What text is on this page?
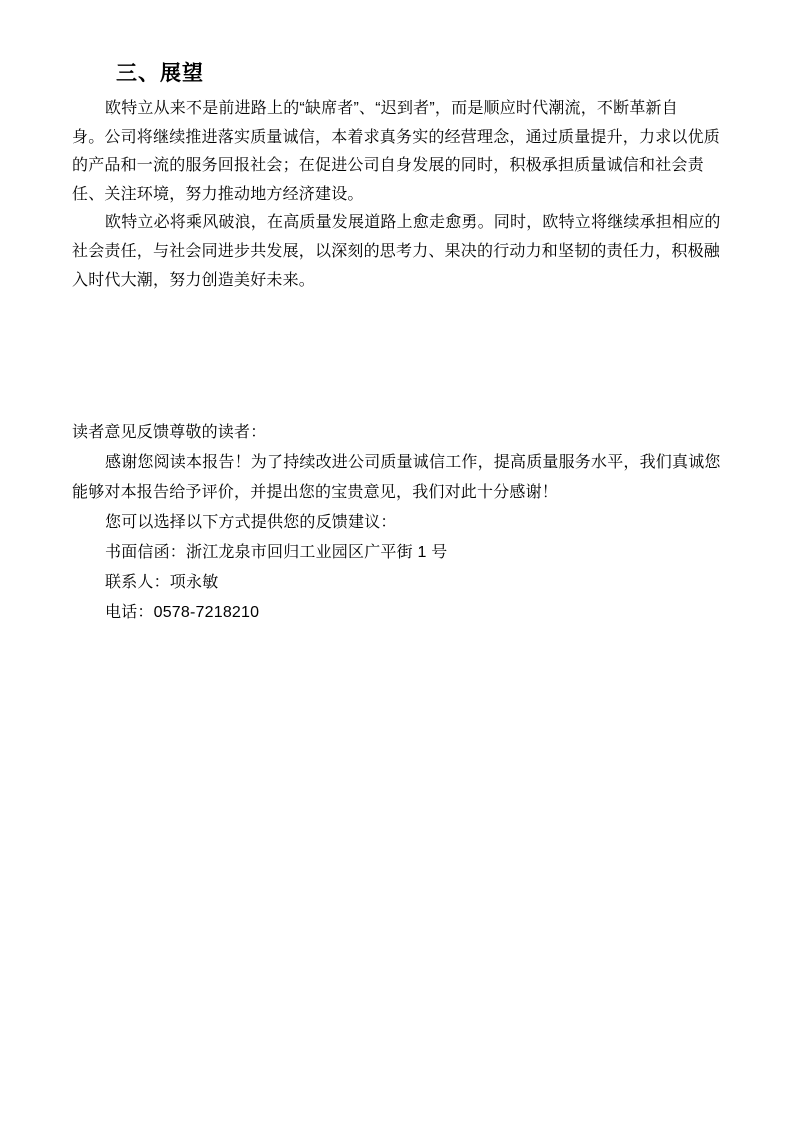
三、展望
欧特立从来不是前进路上的“缺席者”、“迟到者”，而是顺应时代潮流，不断革新自
身。公司将继续推进落实质量诚信，本着求真务实的经营理念，通过质量提升，力求以优质
的产品和一流的服务回报社会；在促进公司自身发展的同时，积极承担质量诚信和社会责
任、关注环境，努力推动地方经济建设。
欧特立必将乘风破浪，在高质量发展道路上愈走愈勇。同时，欧特立将继续承担相应的
社会责任，与社会同进步共发展，以深刻的思考力、果决的行动力和坚韧的责任力，积极融
入时代大潮，努力创造美好未来。
读者意见反馈尊敬的读者：
感谢您阅读本报告！为了持续改进公司质量诚信工作，提高质量服务水平，我们真诚您
能够对本报告给予评价，并提出您的宝贵意见，我们对此十分感谢！
您可以选择以下方式提供您的反馈建议：
书面信函：浙江龙泉市回归工业园区广平街 1 号
联系人：项永敏
电话：0578-7218210
